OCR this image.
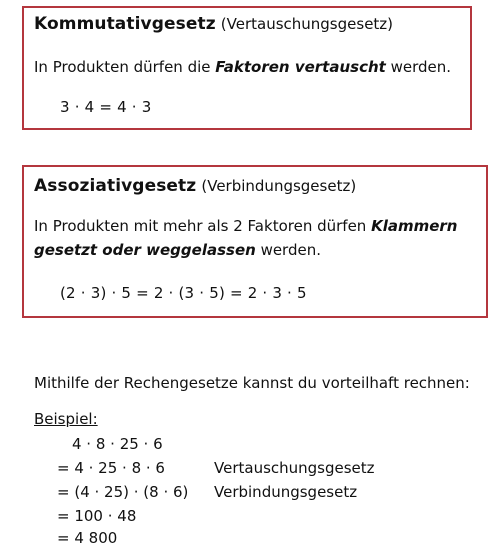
Kommutativgesetz (Vertauschungsgesetz)
In Produkten dürfen die Faktoren vertauscht werden.
3 · 4 = 4 · 3
Assoziativgesetz (Verbindungsgesetz)
In Produkten mit mehr als 2 Faktoren dürfen Klammern
gesetzt oder weggelassen werden.
(2 · 3) · 5 = 2 · (3 · 5) = 2 · 3 · 5
Mithilfe der Rechengesetze kannst du vorteilhaft rechnen:
Beispiel:
4 · 8 · 25 · 6
= 4 · 25 · 8 · 6	Vertauschungsgesetz
= (4 · 25) · (8 · 6) Verbindungsgesetz
= 100 · 48
= 4 800
